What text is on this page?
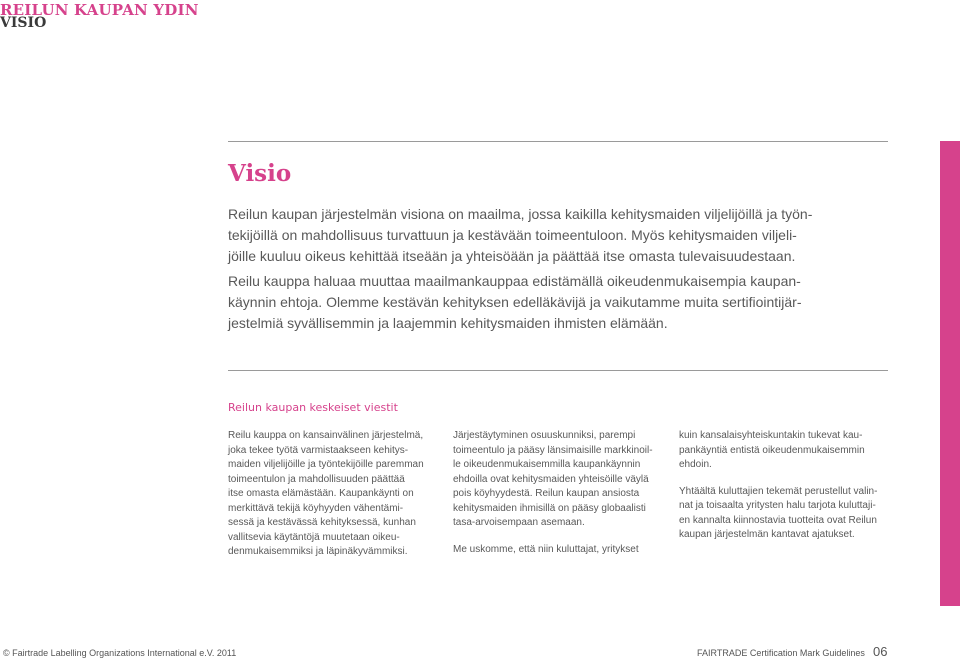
REILUN KAUPAN YDIN
VISIO
Visio
Reilun kaupan järjestelmän visiona on maailma, jossa kaikilla kehitysmaiden viljelijöillä ja työn-
tekijöillä on mahdollisuus turvattuun ja kestävään toimeentuloon. Myös kehitysmaiden viljeli-
jöille kuuluu oikeus kehittää itseään ja yhteisöään ja päättää itse omasta tulevaisuudestaan.
Reilu kauppa haluaa muuttaa maailmankauppaa edistämällä oikeudenmukaisempia kaupan-
käynnin ehtoja. Olemme kestävän kehityksen edelläkävijä ja vaikutamme muita sertifiointijär-
jestelmiä syvällisemmin ja laajemmin kehitysmaiden ihmisten elämään.
Reilun kaupan keskeiset viestit
Reilu kauppa on kansainvälinen järjestelmä,
joka tekee työtä varmistaakseen kehitys-
maiden viljelijöille ja työntekijöille paremman
toimeentulon ja mahdollisuuden päättää
itse omasta elämästään. Kaupankäynti on
merkittävä tekijä köyhyyden vähentämi-
sessä ja kestävässä kehityksessä, kunhan
vallitsevia käytäntöjä muutetaan oikeu-
denmukaisemmiksi ja läpinäkyvämmiksi.
Järjestäytyminen osuuskunniksi, parempi
toimeentulo ja pääsy länsimaisille markkinoil-
le oikeudenmukaisemmilla kaupankäynnin
ehdoilla ovat kehitysmaiden yhteisöille väylä
pois köyhyydestä. Reilun kaupan ansiosta
kehitysmaiden ihmisillä on pääsy globaalisti
tasa-arvoisempaan asemaan.
Me uskomme, että niin kuluttajat, yritykset
kuin kansalaisyhteiskuntakin tukevat kau-
pankäyntiä entistä oikeudenmukaisemmin
ehdoin.
Yhtäältä kuluttajien tekemät perustellut valin-
nat ja toisaalta yritysten halu tarjota kuluttaji-
en kannalta kiinnostavia tuotteita ovat Reilun
kaupan järjestelmän kantavat ajatukset.
© Fairtrade Labelling Organizations International e.V. 2011	FAIRTRADE Certification Mark Guidelines 06
